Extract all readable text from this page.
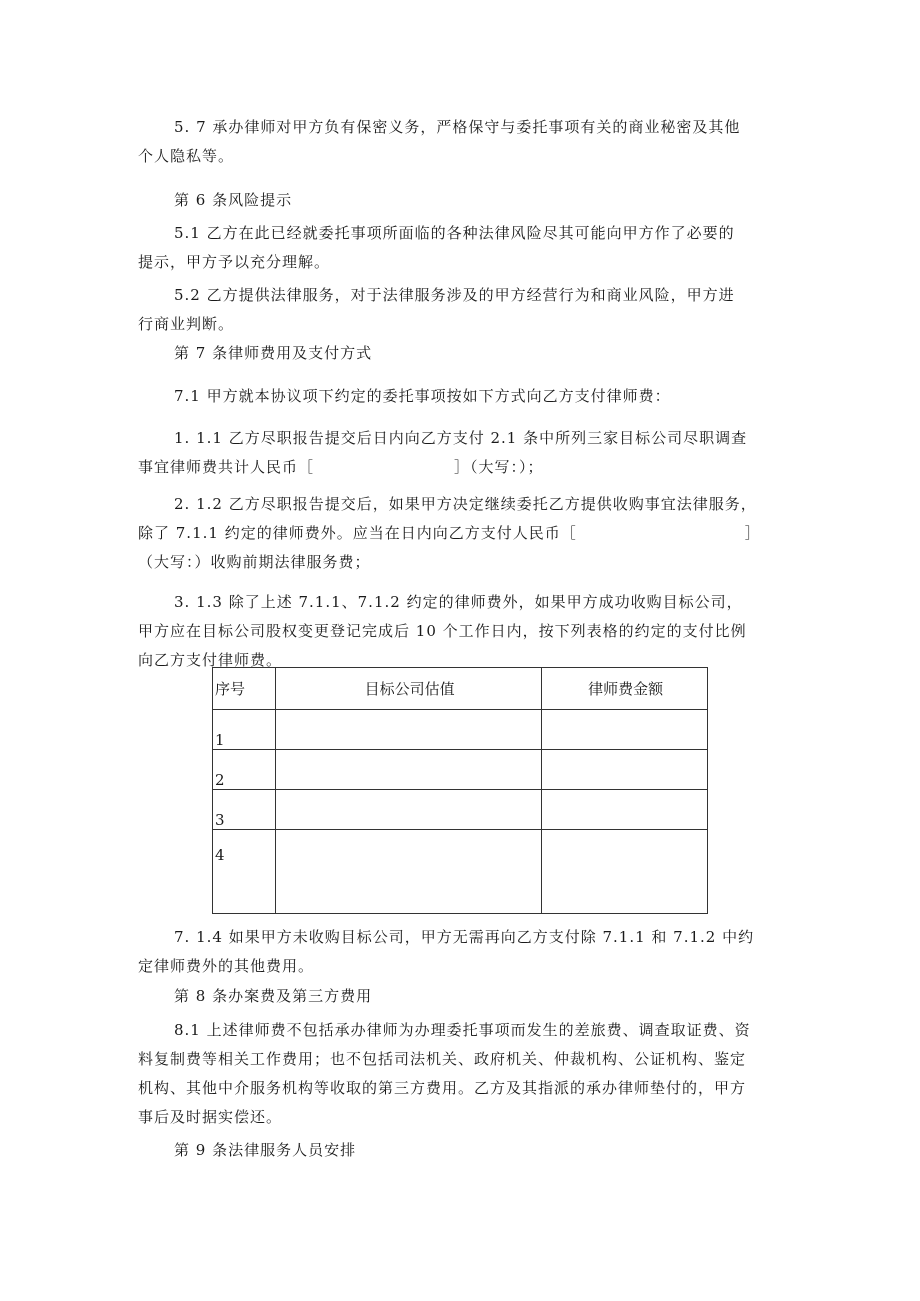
5. 7 承办律师对甲方负有保密义务，严格保守与委托事项有关的商业秘密及其他
个人隐私等。

第 6 条风险提示

5.1 乙方在此已经就委托事项所面临的各种法律风险尽其可能向甲方作了必要的
提示，甲方予以充分理解。
5.2 乙方提供法律服务，对于法律服务涉及的甲方经营行为和商业风险，甲方进
行商业判断。

第 7 条律师费用及支付方式

7.1 甲方就本协议项下约定的委托事项按如下方式向乙方支付律师费：
1. 1.1 乙方尽职报告提交后日内向乙方支付 2.1 条中所列三家目标公司尽职调查
事宜律师费共计人民币［	］（大写：）；
2. 1.2 乙方尽职报告提交后，如果甲方决定继续委托乙方提供收购事宜法律服务，
除了 7.1.1 约定的律师费外。应当在日内向乙方支付人民币［	］
（大写：）收购前期法律服务费；
3. 1.3 除了上述 7.1.1、7.1.2 约定的律师费外，如果甲方成功收购目标公司，
甲方应在目标公司股权变更登记完成后 10 个工作日内，按下列表格的约定的支付比例
向乙方支付律师费。
序号	目标公司估值	律师费金额
1		
2		
3		
4		
7. 1.4 如果甲方未收购目标公司，甲方无需再向乙方支付除 7.1.1 和 7.1.2 中约
定律师费外的其他费用。

第 8 条办案费及第三方费用

8.1 上述律师费不包括承办律师为办理委托事项而发生的差旅费、调查取证费、资
料复制费等相关工作费用；也不包括司法机关、政府机关、仲裁机构、公证机构、鉴定
机构、其他中介服务机构等收取的第三方费用。乙方及其指派的承办律师垫付的，甲方
事后及时据实偿还。

第 9 条法律服务人员安排
